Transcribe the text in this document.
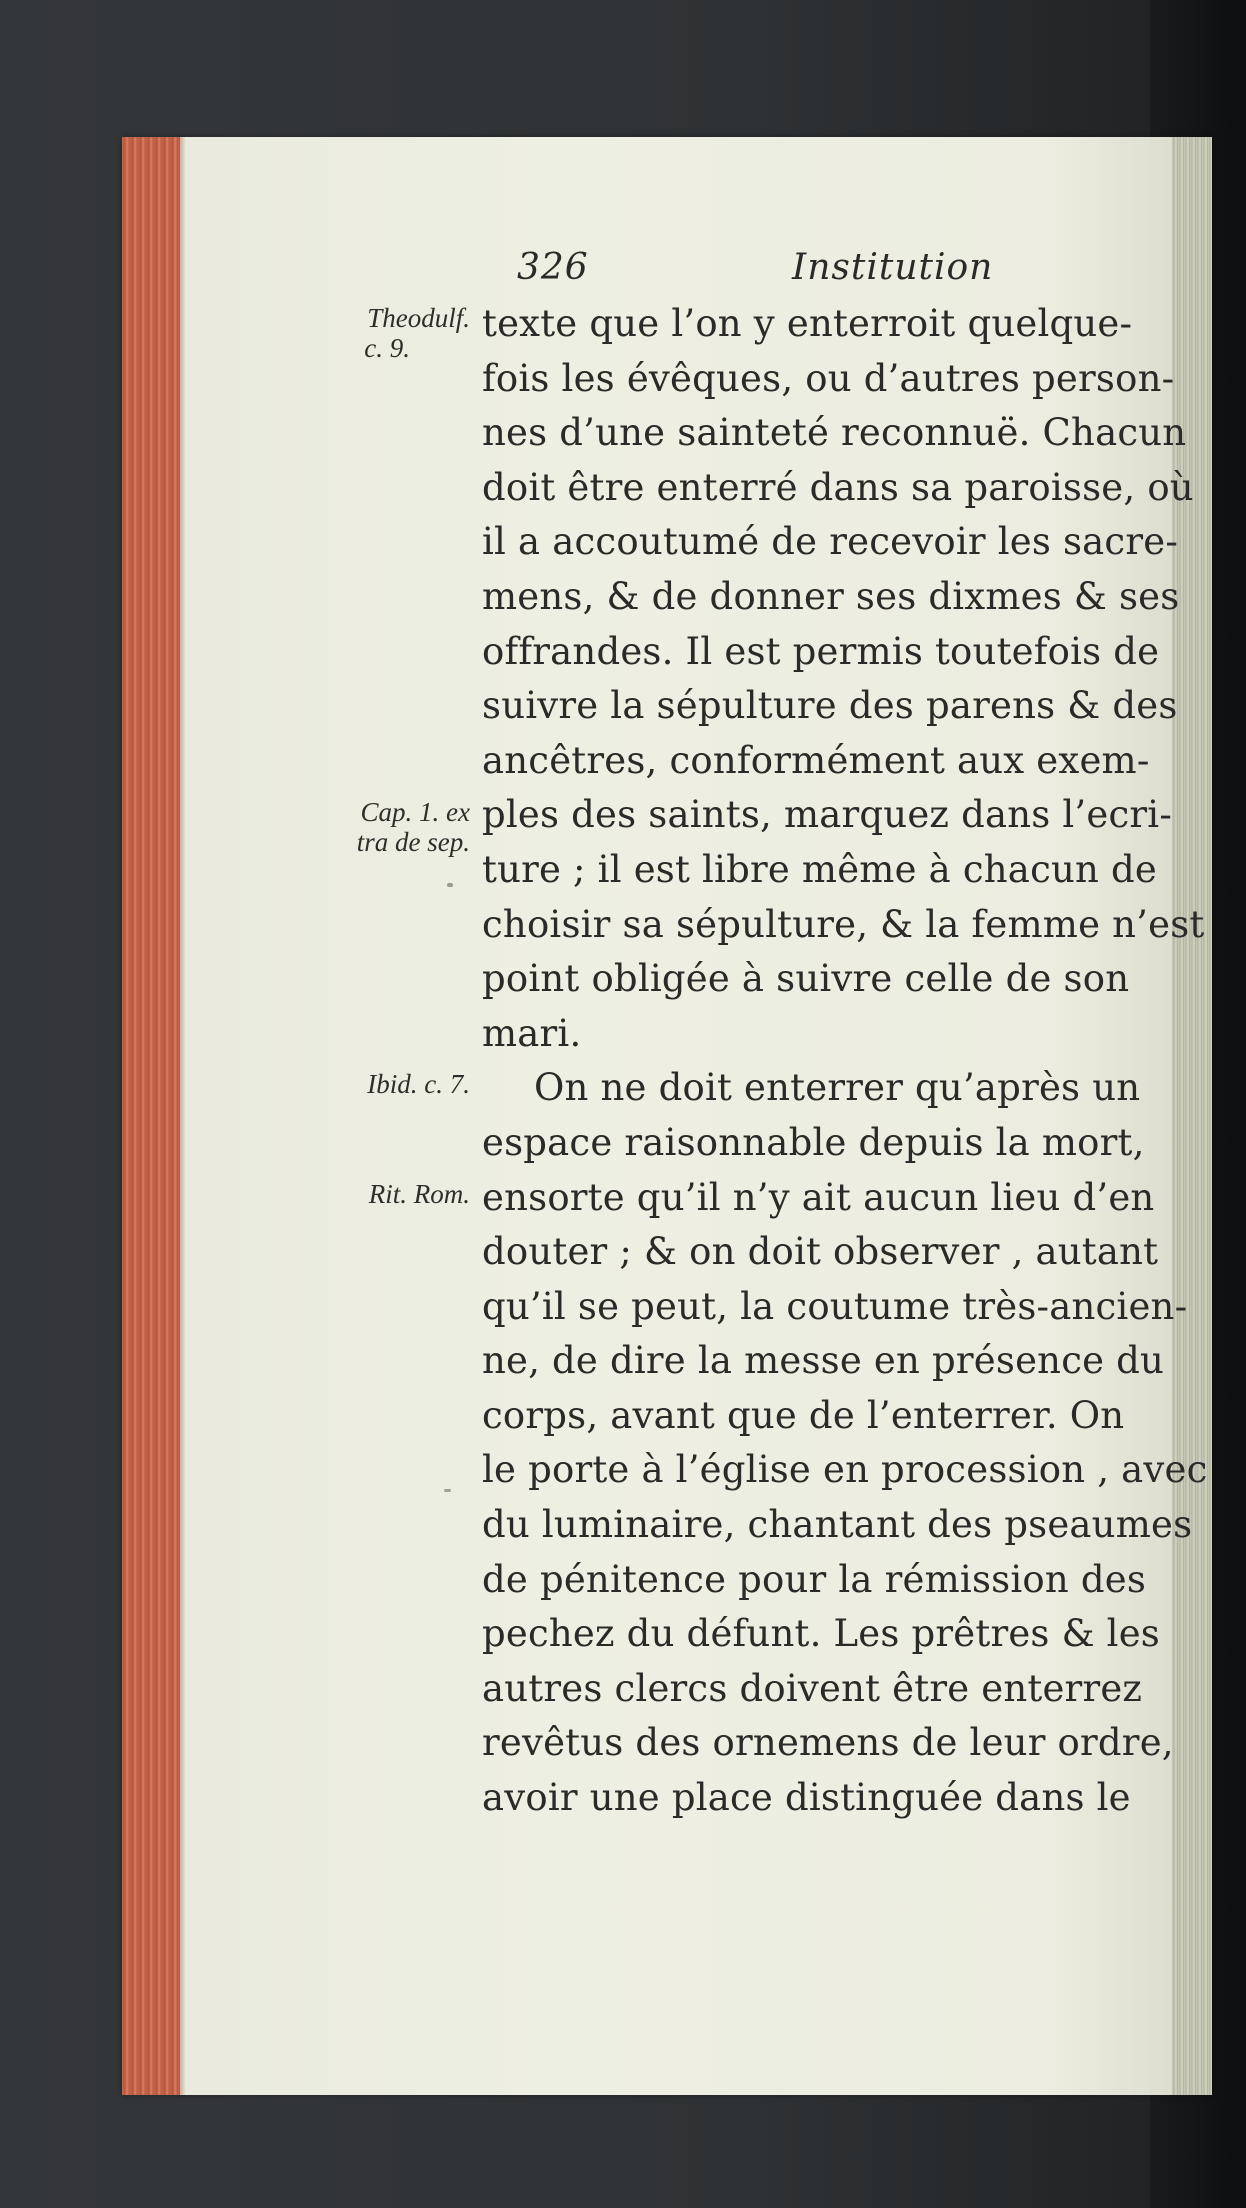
326	Institution
Theodulf.
c. 9.
Cap. 1. ex
tra de sep.
Ibid. c. 7.
Rit. Rom.
texte que l’on y enterroit quelque-
fois les évêques, ou d’autres person-
nes d’une sainteté reconnuë. Chacun
doit être enterré dans sa paroisse, où
il a accoutumé de recevoir les sacre-
mens, & de donner ses dixmes & ses
offrandes. Il est permis toutefois de
suivre la sépulture des parens & des
ancêtres, conformément aux exem-
ples des saints, marquez dans l’ecri-
ture ; il est libre même à chacun de
choisir sa sépulture, & la femme n’est
point obligée à suivre celle de son
mari.
On ne doit enterrer qu’après un
espace raisonnable depuis la mort,
ensorte qu’il n’y ait aucun lieu d’en
douter ; & on doit observer , autant
qu’il se peut, la coutume très-ancien-
ne, de dire la messe en présence du
corps, avant que de l’enterrer. On
le porte à l’église en procession , avec
du luminaire, chantant des pseaumes
de pénitence pour la rémission des
pechez du défunt. Les prêtres & les
autres clercs doivent être enterrez
revêtus des ornemens de leur ordre,
avoir une place distinguée dans le
